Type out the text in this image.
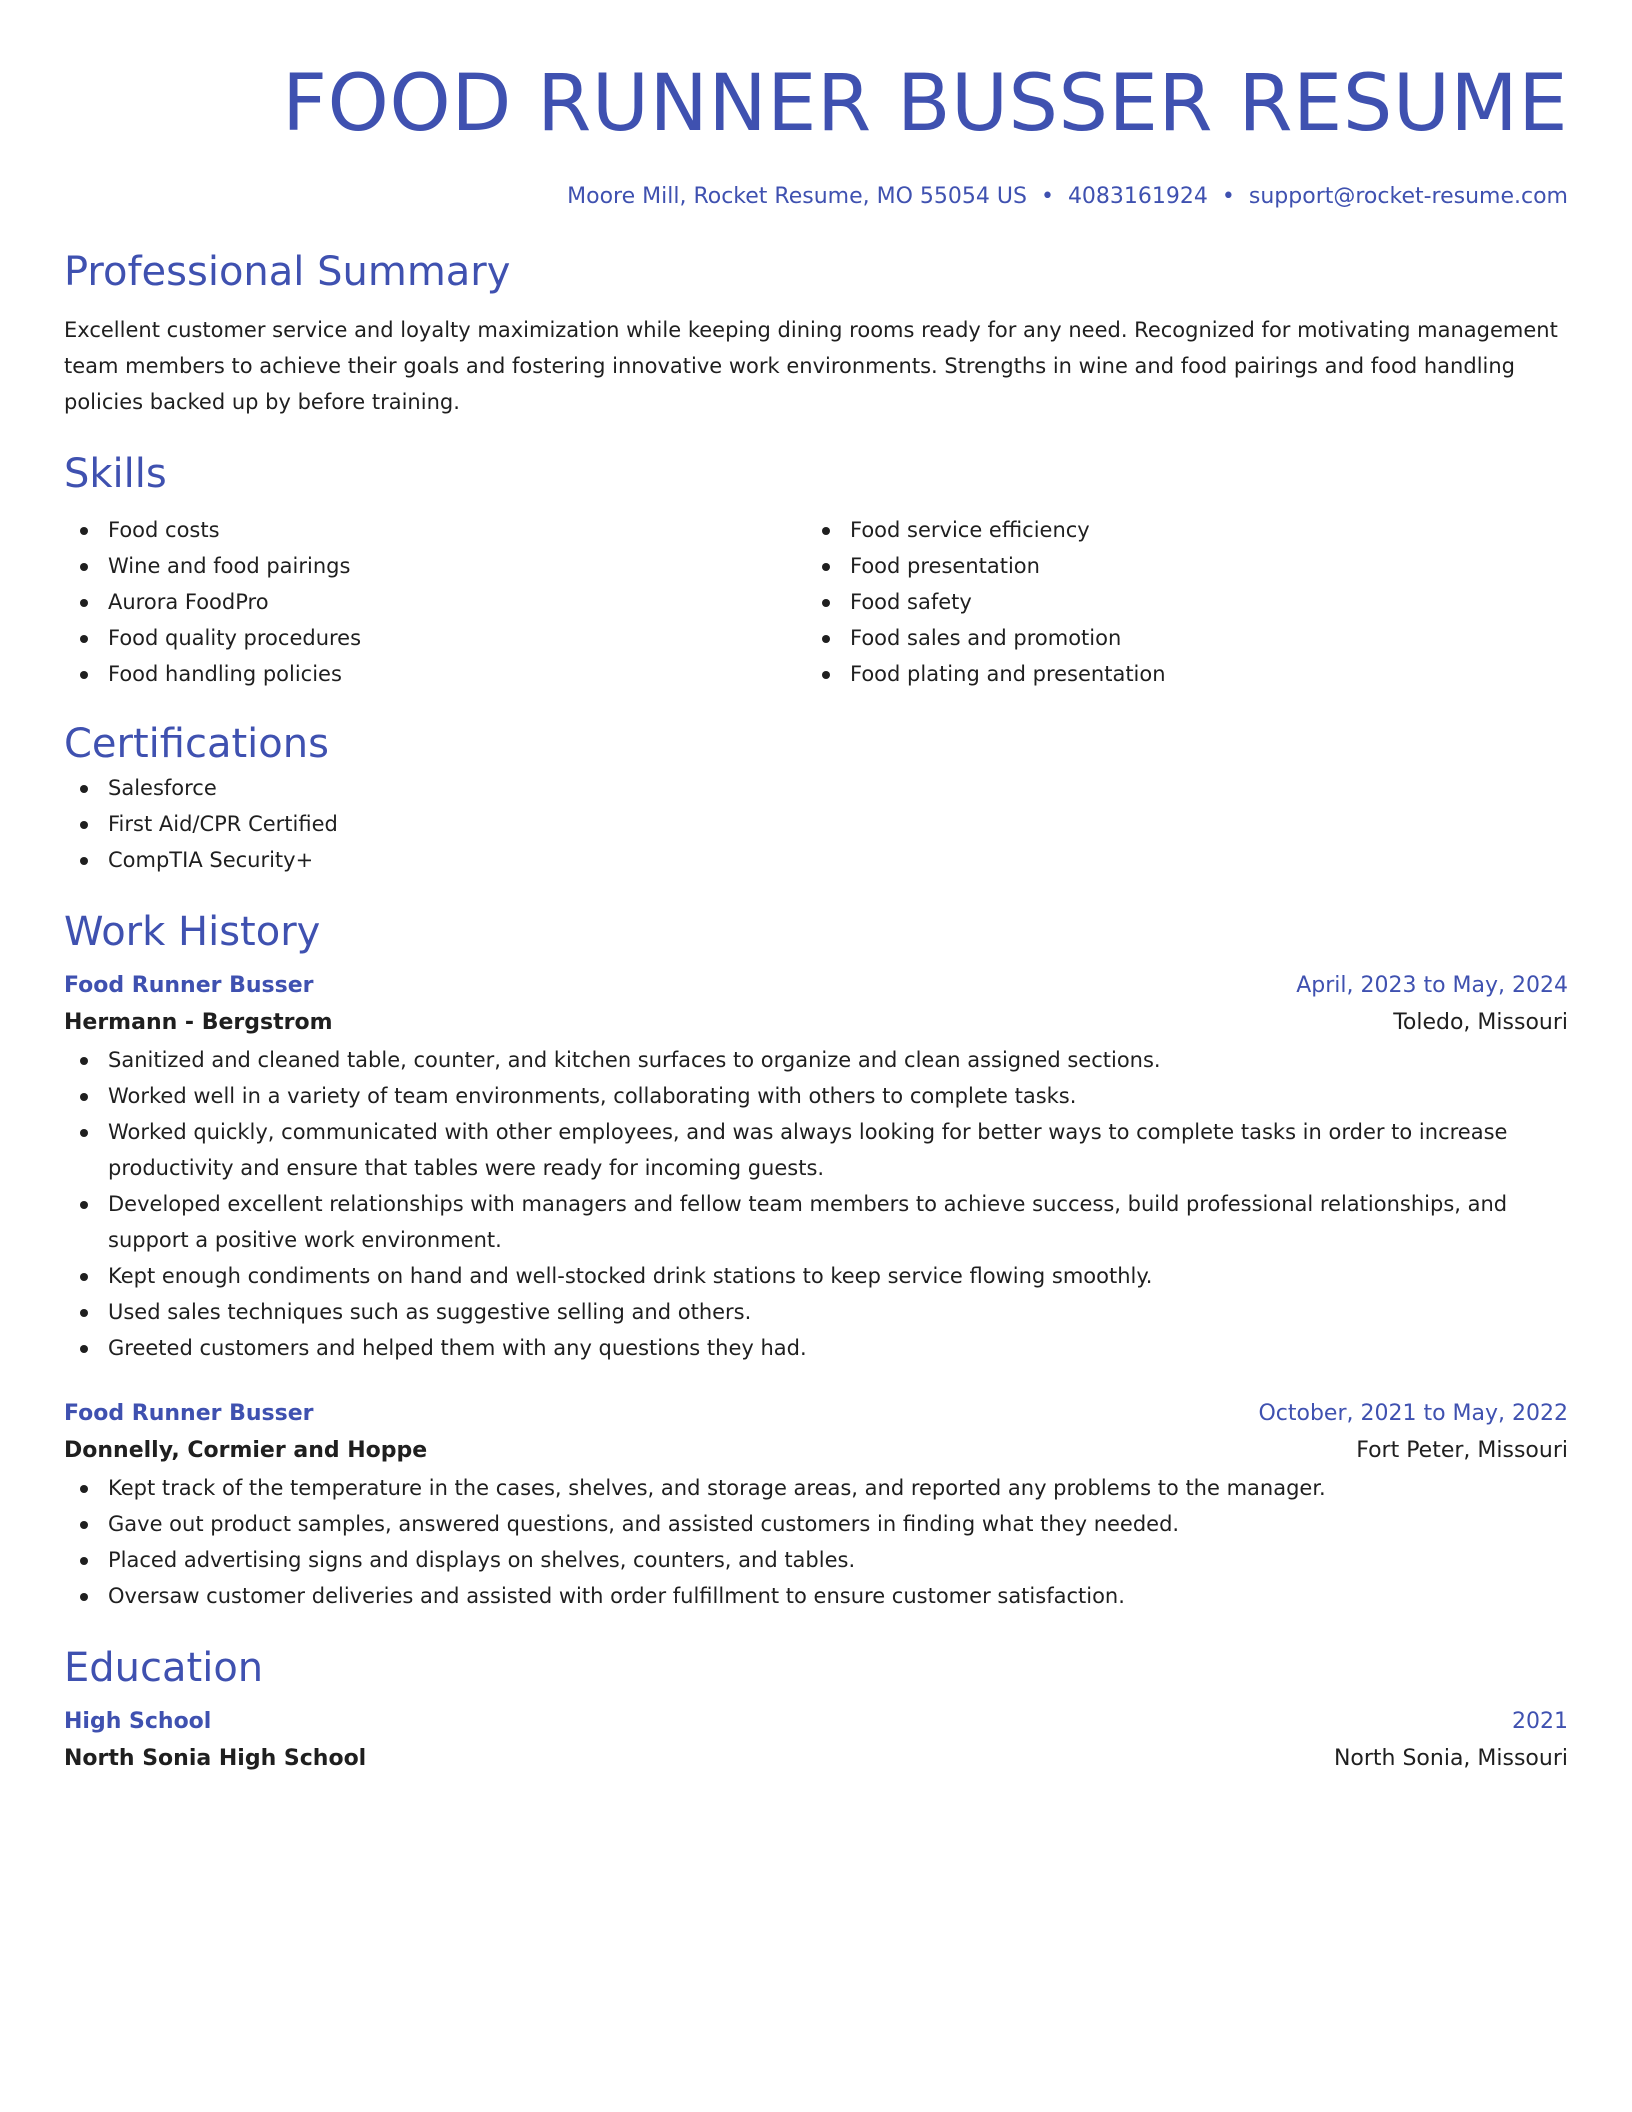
FOOD RUNNER BUSSER RESUME
Moore Mill, Rocket Resume, MO 55054 US • 4083161924 • support@rocket-resume.com
Professional Summary

Excellent customer service and loyalty maximization while keeping dining rooms ready for any need. Recognized for motivating management team members to achieve their goals and fostering innovative work environments. Strengths in wine and food pairings and food handling policies backed up by before training.

Skills
Food costs
Wine and food pairings
Aurora FoodPro
Food quality procedures
Food handling policies
Food service efficiency
Food presentation
Food safety
Food sales and promotion
Food plating and presentation
Certifications
Salesforce
First Aid/CPR Certified
CompTIA Security+
Work History
Food Runner Busser	April, 2023 to May, 2024
Hermann - Bergstrom	Toledo, Missouri
Sanitized and cleaned table, counter, and kitchen surfaces to organize and clean assigned sections.
Worked well in a variety of team environments, collaborating with others to complete tasks.
Worked quickly, communicated with other employees, and was always looking for better ways to complete tasks in order to increase productivity and ensure that tables were ready for incoming guests.
Developed excellent relationships with managers and fellow team members to achieve success, build professional relationships, and support a positive work environment.
Kept enough condiments on hand and well-stocked drink stations to keep service flowing smoothly.
Used sales techniques such as suggestive selling and others.
Greeted customers and helped them with any questions they had.
Food Runner Busser	October, 2021 to May, 2022
Donnelly, Cormier and Hoppe	Fort Peter, Missouri
Kept track of the temperature in the cases, shelves, and storage areas, and reported any problems to the manager.
Gave out product samples, answered questions, and assisted customers in finding what they needed.
Placed advertising signs and displays on shelves, counters, and tables.
Oversaw customer deliveries and assisted with order fulfillment to ensure customer satisfaction.
Education
High School	2021
North Sonia High School	North Sonia, Missouri
